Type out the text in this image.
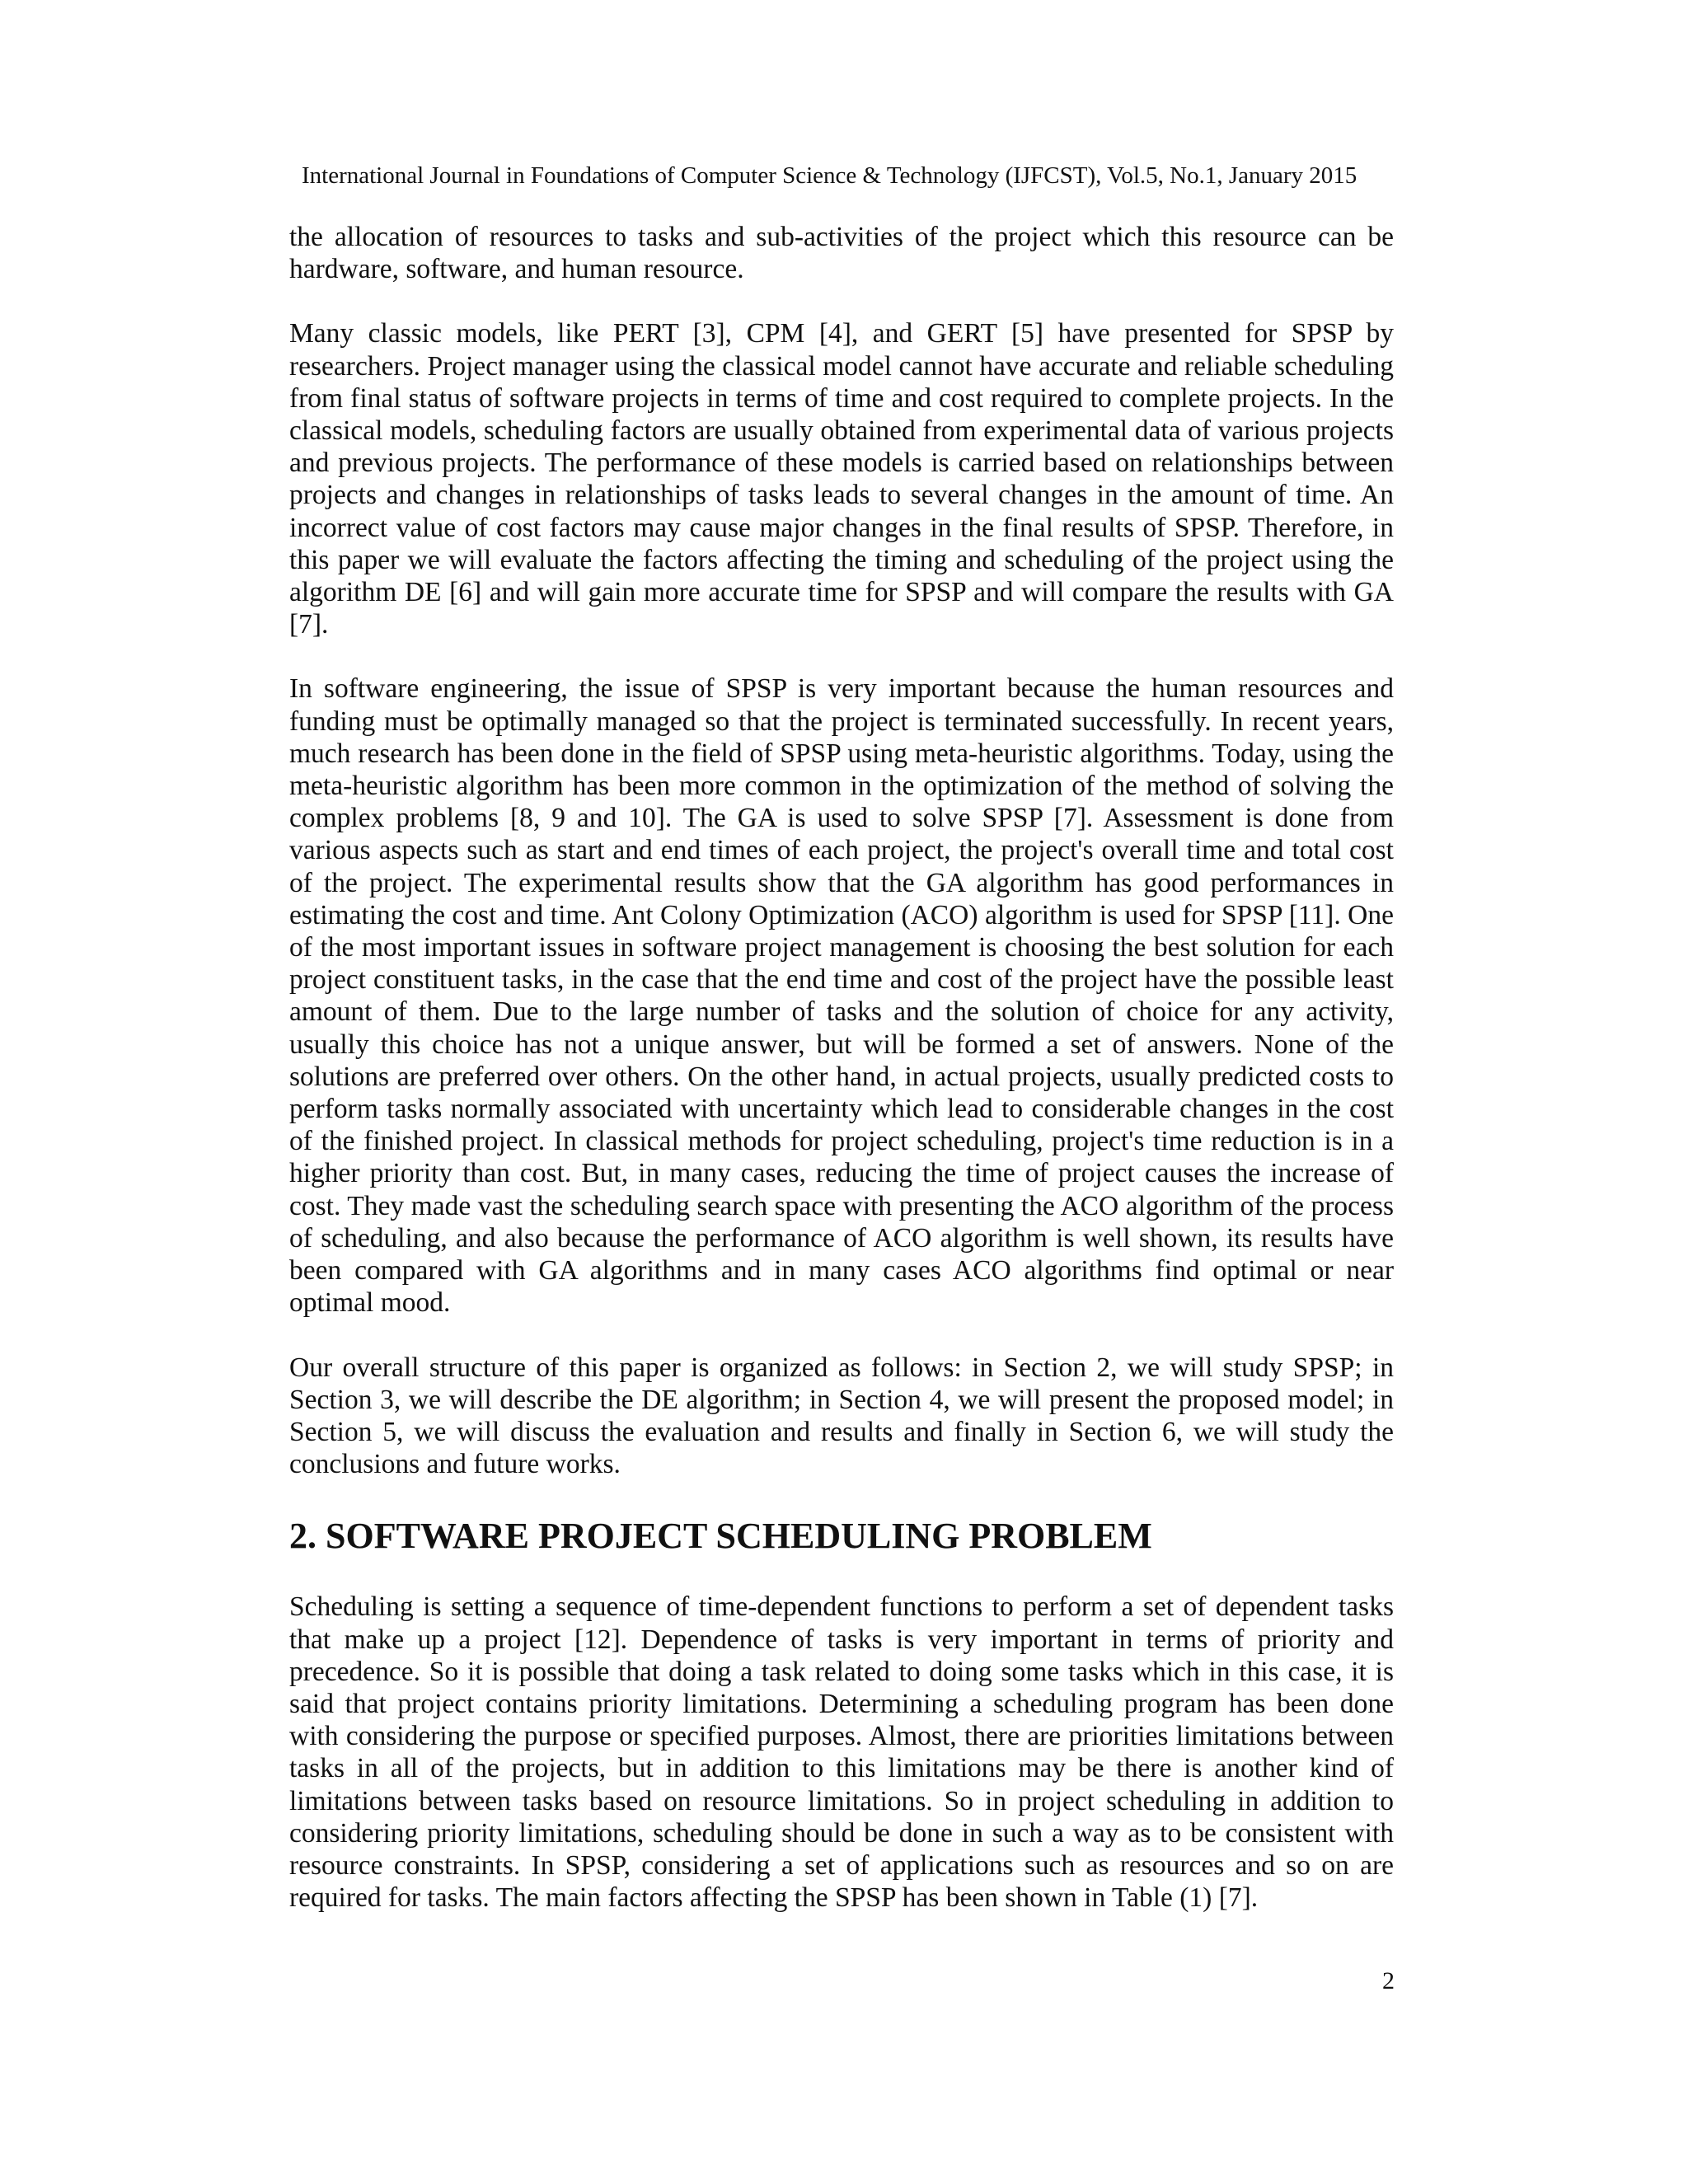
International Journal in Foundations of Computer Science & Technology (IJFCST), Vol.5, No.1, January 2015

the allocation of resources to tasks and sub-activities of the project which this resource can be hardware, software, and human resource.

Many classic models, like PERT [3], CPM [4], and GERT [5] have presented for SPSP by researchers. Project manager using the classical model cannot have accurate and reliable scheduling from final status of software projects in terms of time and cost required to complete projects. In the classical models, scheduling factors are usually obtained from experimental data of various projects and previous projects. The performance of these models is carried based on relationships between projects and changes in relationships of tasks leads to several changes in the amount of time. An incorrect value of cost factors may cause major changes in the final results of SPSP. Therefore, in this paper we will evaluate the factors affecting the timing and scheduling of the project using the algorithm DE [6] and will gain more accurate time for SPSP and will compare the results with GA [7].

In software engineering, the issue of SPSP is very important because the human resources and funding must be optimally managed so that the project is terminated successfully. In recent years, much research has been done in the field of SPSP using meta-heuristic algorithms. Today, using the meta-heuristic algorithm has been more common in the optimization of the method of solving the complex problems [8, 9 and 10]. The GA is used to solve SPSP [7]. Assessment is done from various aspects such as start and end times of each project, the project's overall time and total cost of the project. The experimental results show that the GA algorithm has good performances in estimating the cost and time. Ant Colony Optimization (ACO) algorithm is used for SPSP [11]. One of the most important issues in software project management is choosing the best solution for each project constituent tasks, in the case that the end time and cost of the project have the possible least amount of them. Due to the large number of tasks and the solution of choice for any activity, usually this choice has not a unique answer, but will be formed a set of answers. None of the solutions are preferred over others. On the other hand, in actual projects, usually predicted costs to perform tasks normally associated with uncertainty which lead to considerable changes in the cost of the finished project. In classical methods for project scheduling, project's time reduction is in a higher priority than cost. But, in many cases, reducing the time of project causes the increase of cost. They made vast the scheduling search space with presenting the ACO algorithm of the process of scheduling, and also because the performance of ACO algorithm is well shown, its results have been compared with GA algorithms and in many cases ACO algorithms find optimal or near optimal mood.

Our overall structure of this paper is organized as follows: in Section 2, we will study SPSP; in Section 3, we will describe the DE algorithm; in Section 4, we will present the proposed model; in Section 5, we will discuss the evaluation and results and finally in Section 6, we will study the conclusions and future works.

2. SOFTWARE PROJECT SCHEDULING PROBLEM

Scheduling is setting a sequence of time-dependent functions to perform a set of dependent tasks that make up a project [12]. Dependence of tasks is very important in terms of priority and precedence. So it is possible that doing a task related to doing some tasks which in this case, it is said that project contains priority limitations. Determining a scheduling program has been done with considering the purpose or specified purposes. Almost, there are priorities limitations between tasks in all of the projects, but in addition to this limitations may be there is another kind of limitations between tasks based on resource limitations. So in project scheduling in addition to considering priority limitations, scheduling should be done in such a way as to be consistent with resource constraints. In SPSP, considering a set of applications such as resources and so on are required for tasks. The main factors affecting the SPSP has been shown in Table (1) [7].

2
